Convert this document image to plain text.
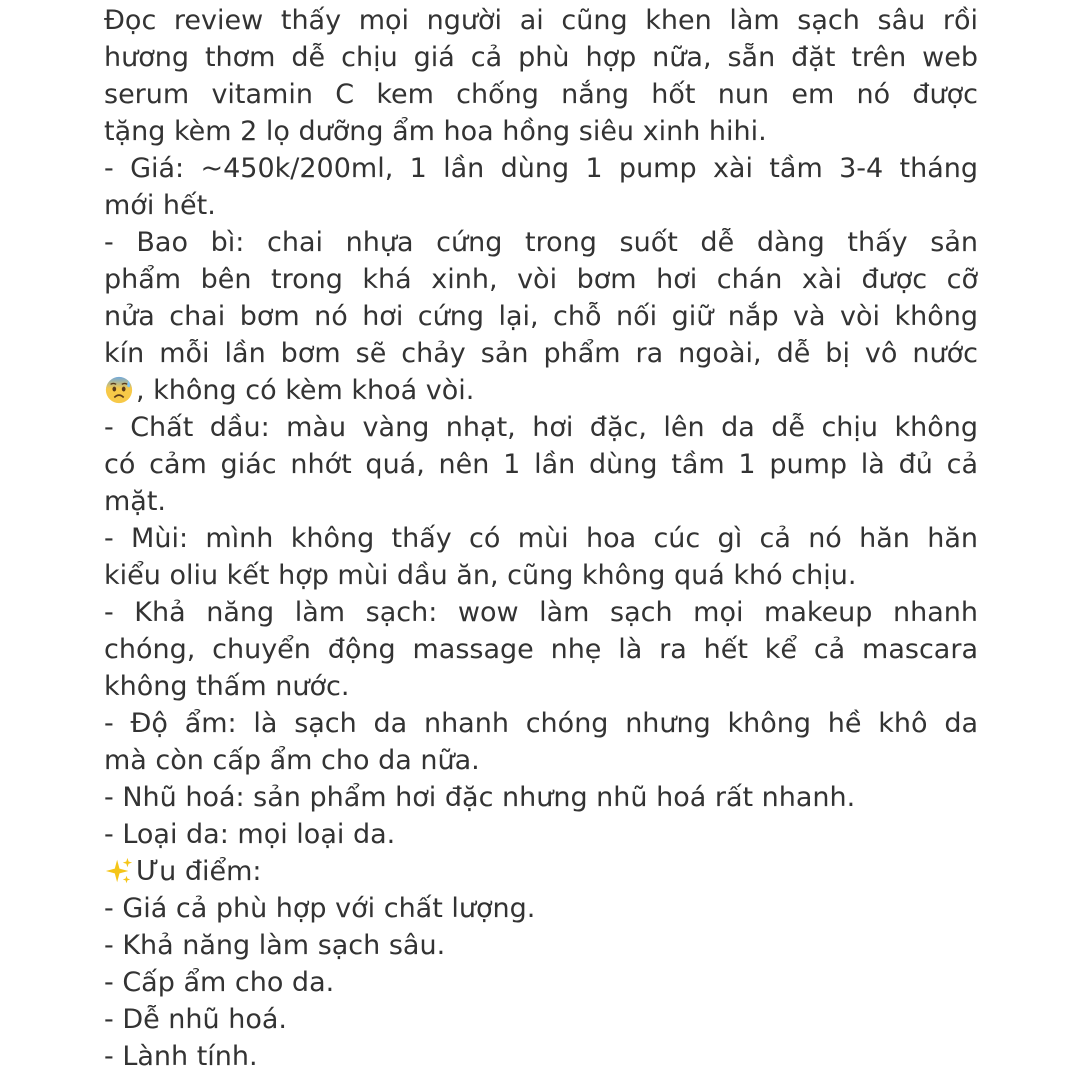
Đọc review thấy mọi người ai cũng khen làm sạch sâu rồi
hương thơm dễ chịu giá cả phù hợp nữa, sẵn đặt trên web
serum vitamin C kem chống nắng hốt nun em nó được
tặng kèm 2 lọ dưỡng ẩm hoa hồng siêu xinh hihi.
- Giá: ~450k/200ml, 1 lần dùng 1 pump xài tầm 3-4 tháng
mới hết.
- Bao bì: chai nhựa cứng trong suốt dễ dàng thấy sản
phẩm bên trong khá xinh, vòi bơm hơi chán xài được cỡ
nửa chai bơm nó hơi cứng lại, chỗ nối giữ nắp và vòi không
kín mỗi lần bơm sẽ chảy sản phẩm ra ngoài, dễ bị vô nước
, không có kèm khoá vòi.
- Chất dầu: màu vàng nhạt, hơi đặc, lên da dễ chịu không
có cảm giác nhớt quá, nên 1 lần dùng tầm 1 pump là đủ cả
mặt.
- Mùi: mình không thấy có mùi hoa cúc gì cả nó hăn hăn
kiểu oliu kết hợp mùi dầu ăn, cũng không quá khó chịu.
- Khả năng làm sạch: wow làm sạch mọi makeup nhanh
chóng, chuyển động massage nhẹ là ra hết kể cả mascara
không thấm nước.
- Độ ẩm: là sạch da nhanh chóng nhưng không hề khô da
mà còn cấp ẩm cho da nữa.
- Nhũ hoá: sản phẩm hơi đặc nhưng nhũ hoá rất nhanh.
- Loại da: mọi loại da.
Ưu điểm:
- Giá cả phù hợp với chất lượng.
- Khả năng làm sạch sâu.
- Cấp ẩm cho da.
- Dễ nhũ hoá.
- Lành tính.
